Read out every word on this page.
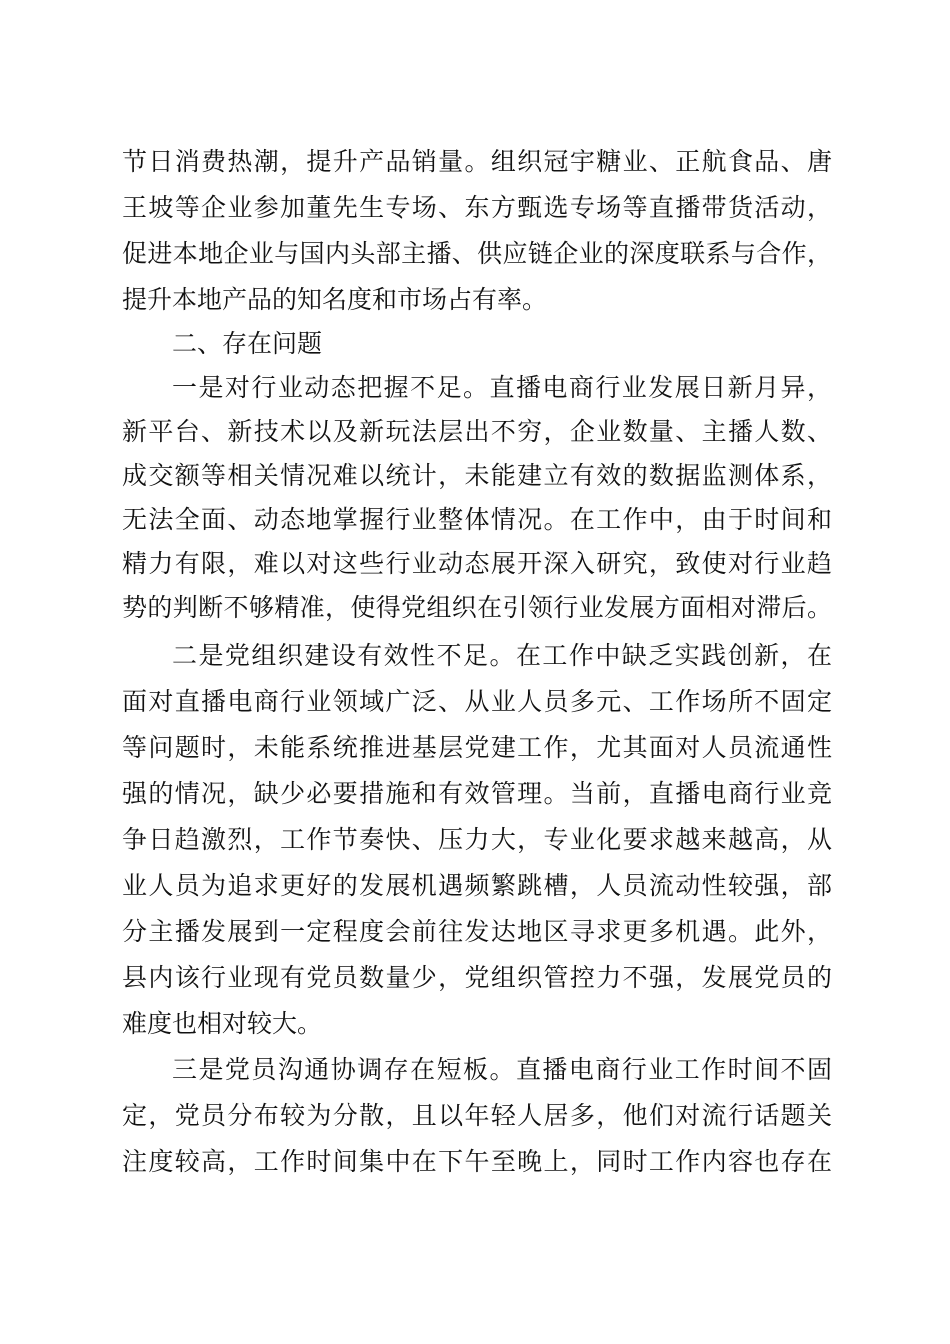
节日消费热潮，提升产品销量。组织冠宇糖业、正航食品、唐
王坡等企业参加董先生专场、东方甄选专场等直播带货活动，
促进本地企业与国内头部主播、供应链企业的深度联系与合作，
提升本地产品的知名度和市场占有率。
二、存在问题
一是对行业动态把握不足。直播电商行业发展日新月异，
新平台、新技术以及新玩法层出不穷，企业数量、主播人数、
成交额等相关情况难以统计，未能建立有效的数据监测体系，
无法全面、动态地掌握行业整体情况。在工作中，由于时间和
精力有限，难以对这些行业动态展开深入研究，致使对行业趋
势的判断不够精准，使得党组织在引领行业发展方面相对滞后。
二是党组织建设有效性不足。在工作中缺乏实践创新，在
面对直播电商行业领域广泛、从业人员多元、工作场所不固定
等问题时，未能系统推进基层党建工作，尤其面对人员流通性
强的情况，缺少必要措施和有效管理。当前，直播电商行业竞
争日趋激烈，工作节奏快、压力大，专业化要求越来越高，从
业人员为追求更好的发展机遇频繁跳槽，人员流动性较强，部
分主播发展到一定程度会前往发达地区寻求更多机遇。此外，
县内该行业现有党员数量少，党组织管控力不强，发展党员的
难度也相对较大。
三是党员沟通协调存在短板。直播电商行业工作时间不固
定，党员分布较为分散，且以年轻人居多，他们对流行话题关
注度较高，工作时间集中在下午至晚上，同时工作内容也存在
